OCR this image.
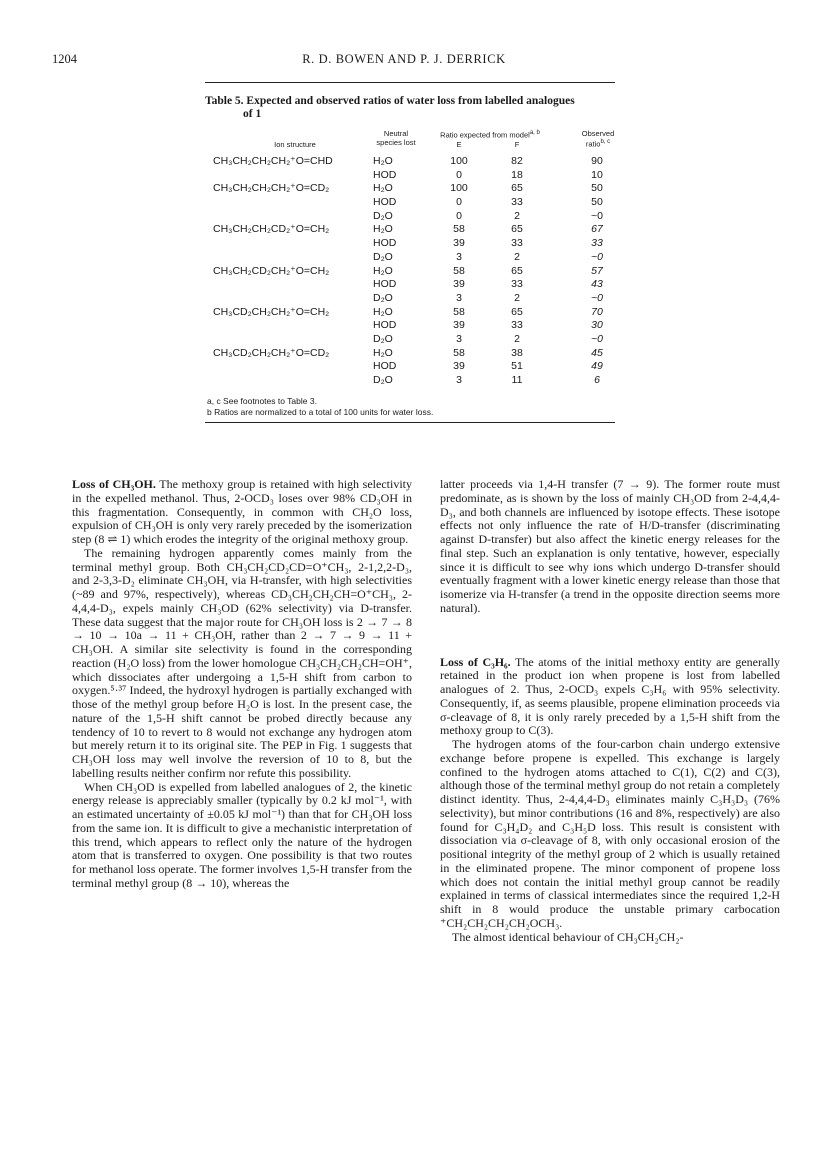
1204	R. D. BOWEN AND P. J. DERRICK
Table 5. Expected and observed ratios of water loss from labelled analogues
of 1
Ion structure
Neutral
species lost
Ratio expected from model$^{a, b}$
E	F
Observed
ratio$^{b, c}$
CH₃CH₂CH₂CH₂⁺O=CHD	H₂O	100	82	90
HOD	0	18	10
CH₃CH₂CH₂CH₂⁺O=CD₂	H₂O	100	65	50
HOD	0	33	50
D₂O	0	2	~0
CH₃CH₂CH₂CD₂⁺O=CH₂	H₂O	58	65	67
HOD	39	33	33
D₂O	3	2	~0
CH₃CH₂CD₂CH₂⁺O=CH₂	H₂O	58	65	57
HOD	39	33	43
D₂O	3	2	~0
CH₃CD₂CH₂CH₂⁺O=CH₂	H₂O	58	65	70
HOD	39	33	30
D₂O	3	2	~0
CH₃CD₂CH₂CH₂⁺O=CD₂	H₂O	58	38	45
HOD	39	51	49
D₂O	3	11	6
a, c See footnotes to Table 3.
b Ratios are normalized to a total of 100 units for water loss.

Loss of CH₃OH. The methoxy group is retained with high selectivity in the expelled methanol. Thus, 2-OCD₃ loses over 98% CD₃OH in this fragmentation. Consequently, in common with CH₂O loss, expulsion of CH₃OH is only very rarely preceded by the isomerization step (8 ⇌ 1) which erodes the integrity of the original methoxy group.

The remaining hydrogen apparently comes mainly from the terminal methyl group. Both CH₃CH₂CD₂CD=O⁺CH₃, 2-1,2,2-D₃, and 2-3,3-D₂ eliminate CH₃OH, via H-transfer, with high selectivities (~89 and 97%, respectively), whereas CD₃CH₂CH₂CH=O⁺CH₃, 2-4,4,4-D₃, expels mainly CH₃OD (62% selectivity) via D-transfer. These data suggest that the major route for CH₃OH loss is 2 → 7 → 8 → 10 → 10a → 11 + CH₃OH, rather than 2 → 7 → 9 → 11 + CH₃OH. A similar site selectivity is found in the corresponding reaction (H₂O loss) from the lower homologue CH₃CH₂CH₂CH=OH⁺, which dissociates after undergoing a 1,5-H shift from carbon to oxygen.⁵·³⁷ Indeed, the hydroxyl hydrogen is partially exchanged with those of the methyl group before H₂O is lost. In the present case, the nature of the 1,5-H shift cannot be probed directly because any tendency of 10 to revert to 8 would not exchange any hydrogen atom but merely return it to its original site. The PEP in Fig. 1 suggests that CH₃OH loss may well involve the reversion of 10 to 8, but the labelling results neither confirm nor refute this possibility.

When CH₃OD is expelled from labelled analogues of 2, the kinetic energy release is appreciably smaller (typically by 0.2 kJ mol⁻¹, with an estimated uncertainty of ±0.05 kJ mol⁻¹) than that for CH₃OH loss from the same ion. It is difficult to give a mechanistic interpretation of this trend, which appears to reflect only the nature of the hydrogen atom that is transferred to oxygen. One possibility is that two routes for methanol loss operate. The former involves 1,5-H transfer from the terminal methyl group (8 → 10), whereas the

latter proceeds via 1,4-H transfer (7 → 9). The former route must predominate, as is shown by the loss of mainly CH₃OD from 2-4,4,4-D₃, and both channels are influenced by isotope effects. These isotope effects not only influence the rate of H/D-transfer (discriminating against D-transfer) but also affect the kinetic energy releases for the final step. Such an explanation is only tentative, however, especially since it is difficult to see why ions which undergo D-transfer should eventually fragment with a lower kinetic energy release than those that isomerize via H-transfer (a trend in the opposite direction seems more natural).

Loss of C₃H₆. The atoms of the initial methoxy entity are generally retained in the product ion when propene is lost from labelled analogues of 2. Thus, 2-OCD₃ expels C₃H₆ with 95% selectivity. Consequently, if, as seems plausible, propene elimination proceeds via σ-cleavage of 8, it is only rarely preceded by a 1,5-H shift from the methoxy group to C(3).

The hydrogen atoms of the four-carbon chain undergo extensive exchange before propene is expelled. This exchange is largely confined to the hydrogen atoms attached to C(1), C(2) and C(3), although those of the terminal methyl group do not retain a completely distinct identity. Thus, 2-4,4,4-D₃ eliminates mainly C₃H₃D₃ (76% selectivity), but minor contributions (16 and 8%, respectively) are also found for C₃H₄D₂ and C₃H₅D loss. This result is consistent with dissociation via σ-cleavage of 8, with only occasional erosion of the positional integrity of the methyl group of 2 which is usually retained in the eliminated propene. The minor component of propene loss which does not contain the initial methyl group cannot be readily explained in terms of classical intermediates since the required 1,2-H shift in 8 would produce the unstable primary carbocation ⁺CH₂CH₂CH₂CH₂OCH₃.

The almost identical behaviour of CH₃CH₂CH₂-
